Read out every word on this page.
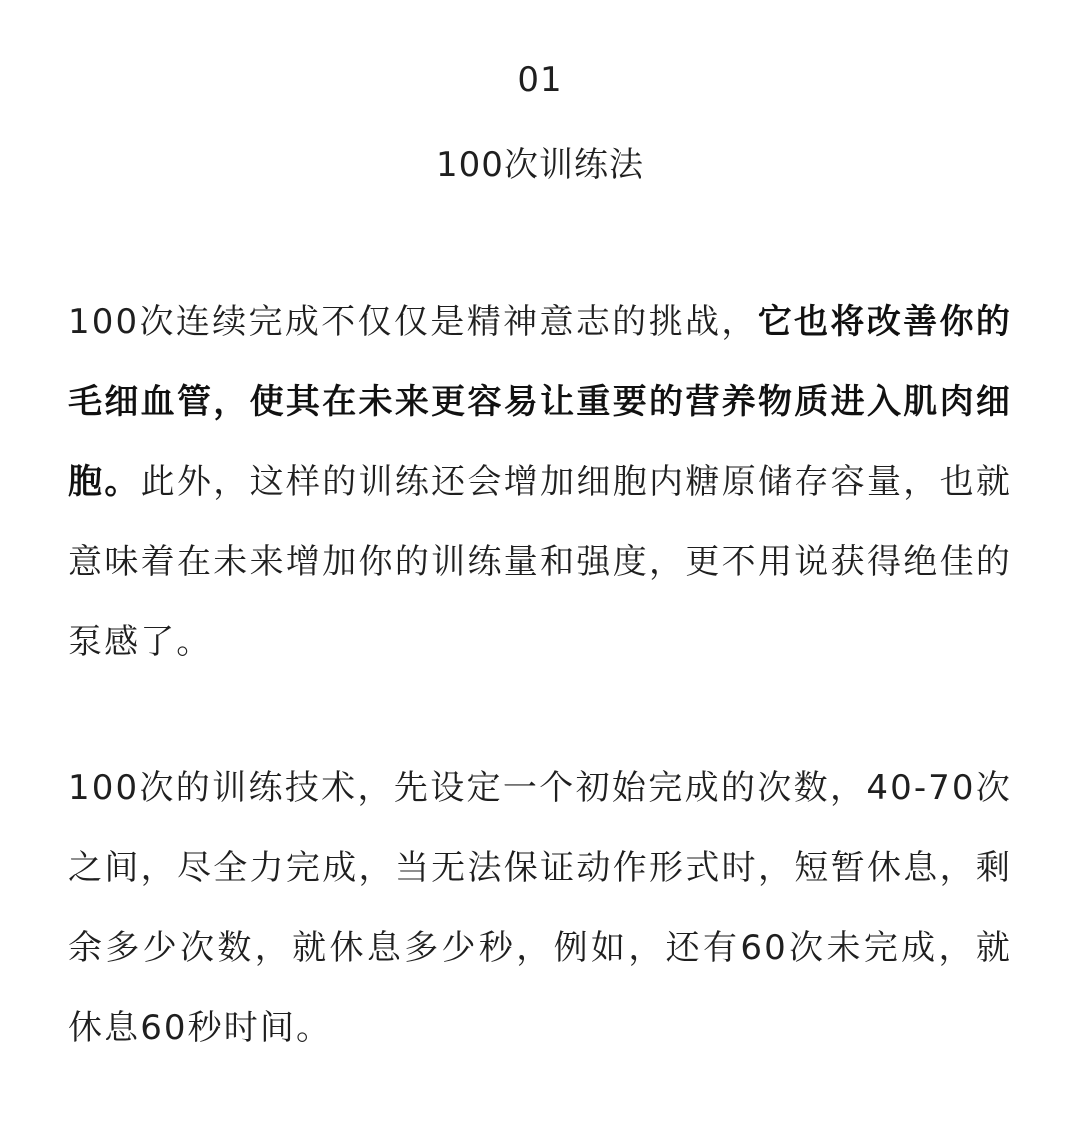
01
100次训练法

100次连续完成不仅仅是精神意志的挑战，它也将改善你的毛细血管，使其在未来更容易让重要的营养物质进入肌肉细胞。此外，这样的训练还会增加细胞内糖原储存容量，也就意味着在未来增加你的训练量和强度，更不用说获得绝佳的泵感了。

100次的训练技术，先设定一个初始完成的次数，40-70次之间，尽全力完成，当无法保证动作形式时，短暂休息，剩余多少次数，就休息多少秒，例如，还有60次未完成，就休息60秒时间。
